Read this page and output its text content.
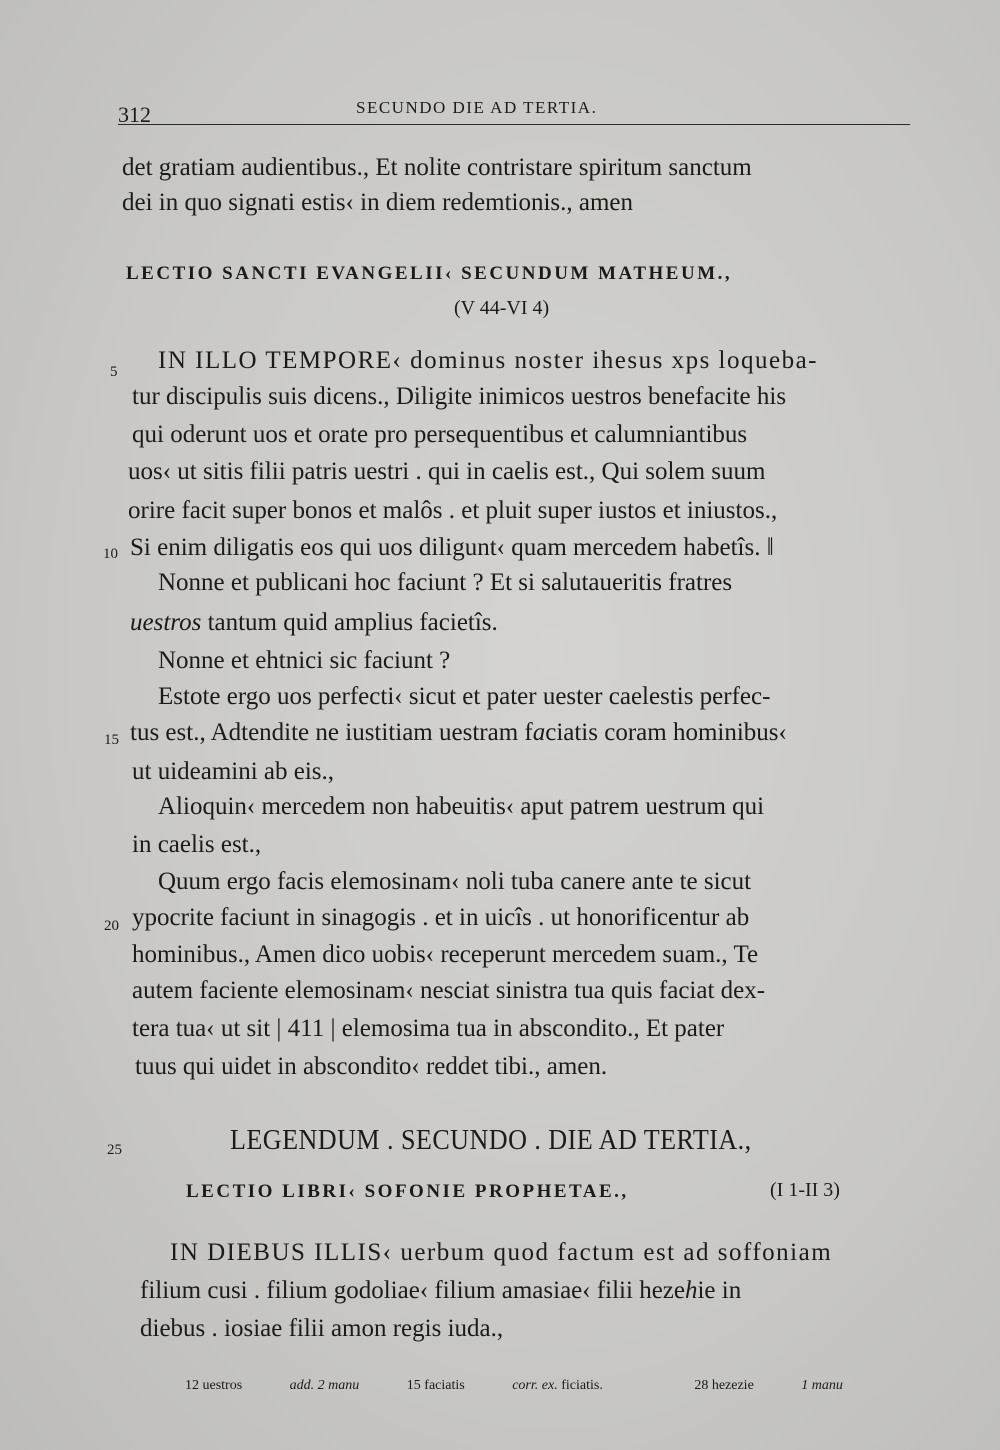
312	SECUNDO DIE AD TERTIA.
det gratiam audientibus., Et nolite contristare spiritum sanctum
dei in quo signati estis‹ in diem redemtionis., amen
LECTIO SANCTI EVANGELII‹ SECUNDUM MATHEUM.,
(V 44-VI 4)
IN ILLO TEMPORE‹ dominus noster ihesus xps loqueba-
tur discipulis suis dicens., Diligite inimicos uestros benefacite his
qui oderunt uos et orate pro persequentibus et calumniantibus
uos‹ ut sitis filii patris uestri . qui in caelis est., Qui solem suum
orire facit super bonos et malôs . et pluit super iustos et iniustos.,
Si enim diligatis eos qui uos diligunt‹ quam mercedem habetîs. ‖
Nonne et publicani hoc faciunt ? Et si salutaueritis fratres
uestros tantum quid amplius facietîs.
Nonne et ehtnici sic faciunt ?
Estote ergo uos perfecti‹ sicut et pater uester caelestis perfec-
tus est., Adtendite ne iustitiam uestram faciatis coram hominibus‹
ut uideamini ab eis.,
Alioquin‹ mercedem non habeuitis‹ aput patrem uestrum qui
in caelis est.,
Quum ergo facis elemosinam‹ noli tuba canere ante te sicut
ypocrite faciunt in sinagogis . et in uicîs . ut honorificentur ab
hominibus., Amen dico uobis‹ receperunt mercedem suam., Te
autem faciente elemosinam‹ nesciat sinistra tua quis faciat dex-
tera tua‹ ut sit | 411 | elemosima tua in abscondito., Et pater
tuus qui uidet in abscondito‹ reddet tibi., amen.
LEGENDUM . SECUNDO . DIE AD TERTIA.,
LECTIO LIBRI‹ SOFONIE PROPHETAE.,	(I 1-II 3)
IN DIEBUS ILLIS‹ uerbum quod factum est ad soffoniam
filium cusi . filium godoliae‹ filium amasiae‹ filii hezehie in
diebus . iosiae filii amon regis iuda.,
5
10
15
20
25
12 uestros	add. 2 manu	15 faciatis	corr. ex. ficiatis.	28 hezezie	1 manu
